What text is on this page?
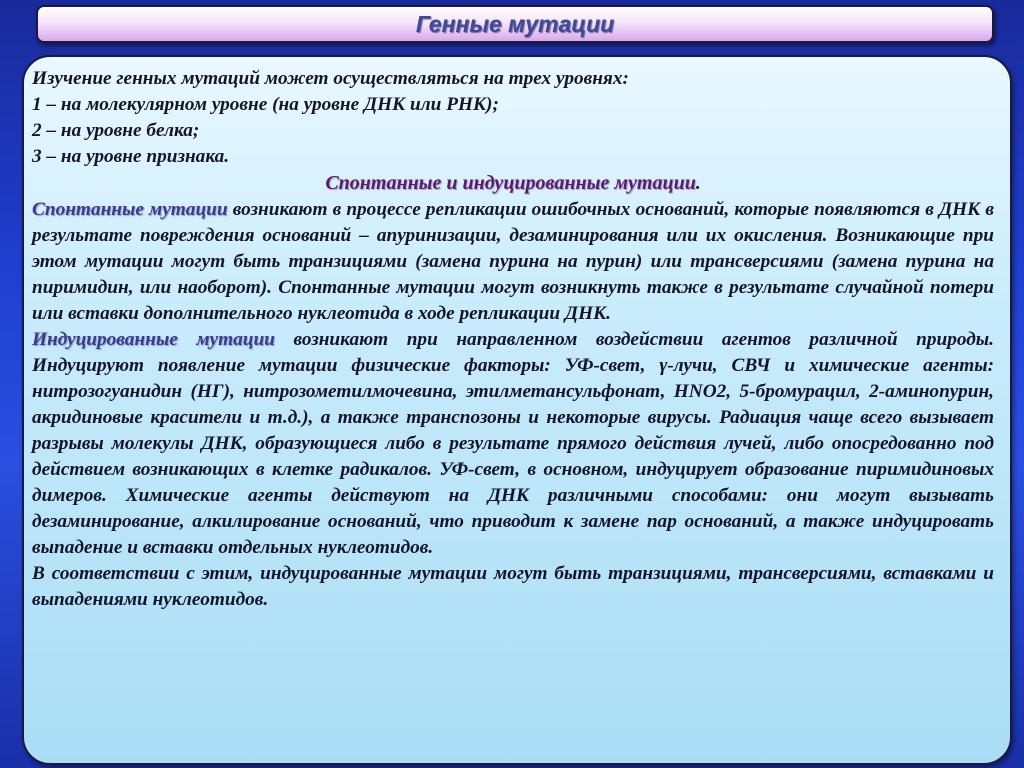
Генные мутации

Изучение генных мутаций может осуществляться на трех уровнях:

1 – на молекулярном уровне (на уровне ДНК или РНК);

2 – на уровне белка;

3 – на уровне признака.

Спонтанные и индуцированные мутации.

Спонтанные мутации возникают в процессе репликации ошибочных оснований, которые появляются в ДНК в результате повреждения оснований – апуринизации, дезаминирования или их окисления. Возникающие при этом мутации могут быть транзициями (замена пурина на пурин) или трансверсиями (замена пурина на пиримидин, или наоборот). Спонтанные мутации могут возникнуть также в результате случайной потери или вставки дополнительного нуклеотида в ходе репликации ДНК.

Индуцированные мутации возникают при направленном воздействии агентов различной природы. Индуцируют появление мутации физические факторы: УФ-свет, γ-лучи, СВЧ и химические агенты: нитрозогуанидин (НГ), нитрозометилмочевина, этилметансульфонат, HNO2, 5-бромурацил, 2-аминопурин, акридиновые красители и т.д.), а также транспозоны и некоторые вирусы. Радиация чаще всего вызывает разрывы молекулы ДНК, образующиеся либо в результате прямого действия лучей, либо опосредованно под действием возникающих в клетке радикалов. УФ-свет, в основном, индуцирует образование пиримидиновых димеров. Химические агенты действуют на ДНК различными способами: они могут вызывать дезаминирование, алкилирование оснований, что приводит к замене пар оснований, а также индуцировать выпадение и вставки отдельных нуклеотидов.

В соответствии с этим, индуцированные мутации могут быть транзициями, трансверсиями, вставками и выпадениями нуклеотидов.
